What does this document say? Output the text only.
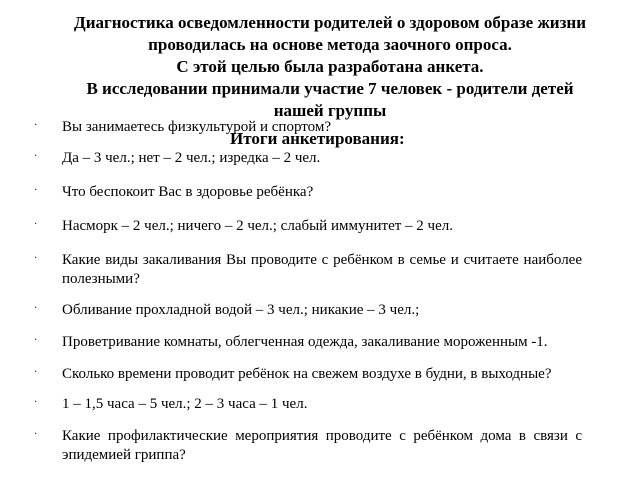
Диагностика осведомленности родителей о здоровом образе жизни
проводилась на основе метода заочного опроса.
С этой целью была разработана анкета.
В исследовании принимали участие 7 человек - родители детей
нашей группы
Итоги анкетирования:
· Вы занимаетесь физкультурой и спортом?
· Да – 3 чел.; нет – 2 чел.; изредка – 2 чел.
· Что беспокоит Вас в здоровье ребёнка?
· Насморк – 2 чел.; ничего – 2 чел.; слабый иммунитет – 2 чел.
· Какие виды закаливания Вы проводите с ребёнком в семье и считаете наиболее полезными?
· Обливание прохладной водой – 3 чел.; никакие – 3 чел.;
· Проветривание комнаты, облегченная одежда, закаливание мороженным -1.
· Сколько времени проводит ребёнок на свежем воздухе в будни, в выходные?
· 1 – 1,5 часа – 5 чел.; 2 – 3 часа – 1 чел.
· Какие профилактические мероприятия проводите с ребёнком дома в связи с эпидемией гриппа?
